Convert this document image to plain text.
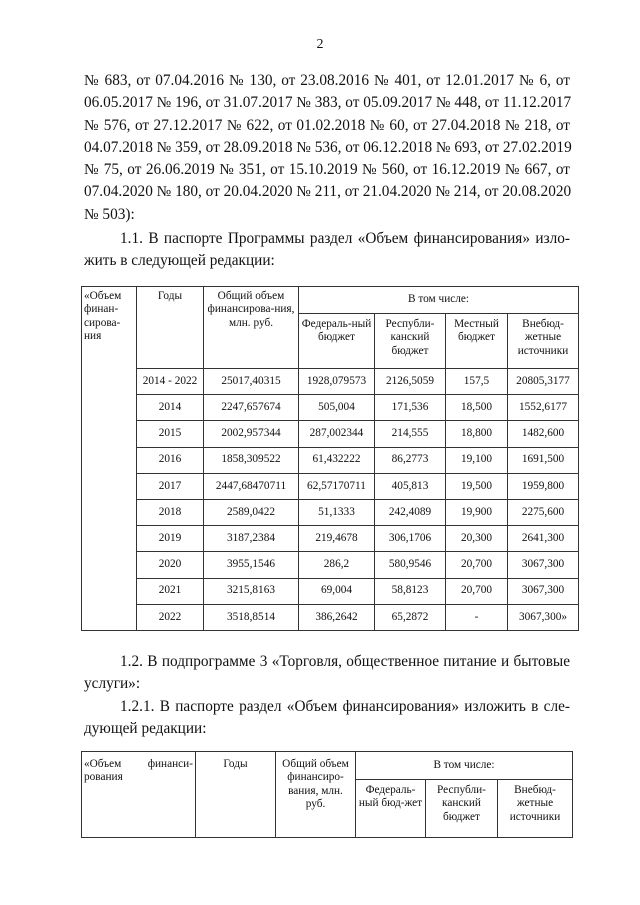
2
№ 683, от 07.04.2016 № 130, от 23.08.2016 № 401, от 12.01.2017 № 6, от
06.05.2017 № 196, от 31.07.2017 № 383, от 05.09.2017 № 448, от 11.12.2017
№ 576, от 27.12.2017 № 622, от 01.02.2018 № 60, от 27.04.2018 № 218, от
04.07.2018 № 359, от 28.09.2018 № 536, от 06.12.2018 № 693, от 27.02.2019
№ 75, от 26.06.2019 № 351, от 15.10.2019 № 560, от 16.12.2019 № 667, от
07.04.2020 № 180, от 20.04.2020 № 211, от 21.04.2020 № 214, от 20.08.2020
№ 503):
1.1. В паспорте Программы раздел «Объем финансирования» изло-
жить в следующей редакции:
«Объем финан-сирова-ния	Годы	Общий объем финансирова-ния, млн. руб.	В том числе:			
			Федераль-ный бюджет	Республи-канский бюджет	Местный бюджет	Внебюд-жетные источники
	2014 - 2022	25017,40315	1928,079573	2126,5059	157,5	20805,3177
	2014	2247,657674	505,004	171,536	18,500	1552,6177
	2015	2002,957344	287,002344	214,555	18,800	1482,600
	2016	1858,309522	61,432222	86,2773	19,100	1691,500
	2017	2447,68470711	62,57170711	405,813	19,500	1959,800
	2018	2589,0422	51,1333	242,4089	19,900	2275,600
	2019	3187,2384	219,4678	306,1706	20,300	2641,300
	2020	3955,1546	286,2	580,9546	20,700	3067,300
	2021	3215,8163	69,004	58,8123	20,700	3067,300
	2022	3518,8514	386,2642	65,2872	-	3067,300»
1.2. В подпрограмме 3 «Торговля, общественное питание и бытовые
услуги»:
1.2.1. В паспорте раздел «Объем финансирования» изложить в сле-
дующей редакции:
«Объем финанси-рования	Годы	Общий объем финансиро-вания, млн. руб.	В том числе:		
			Федераль-ный бюд-жет	Республи-канский бюджет	Внебюд-жетные источники
